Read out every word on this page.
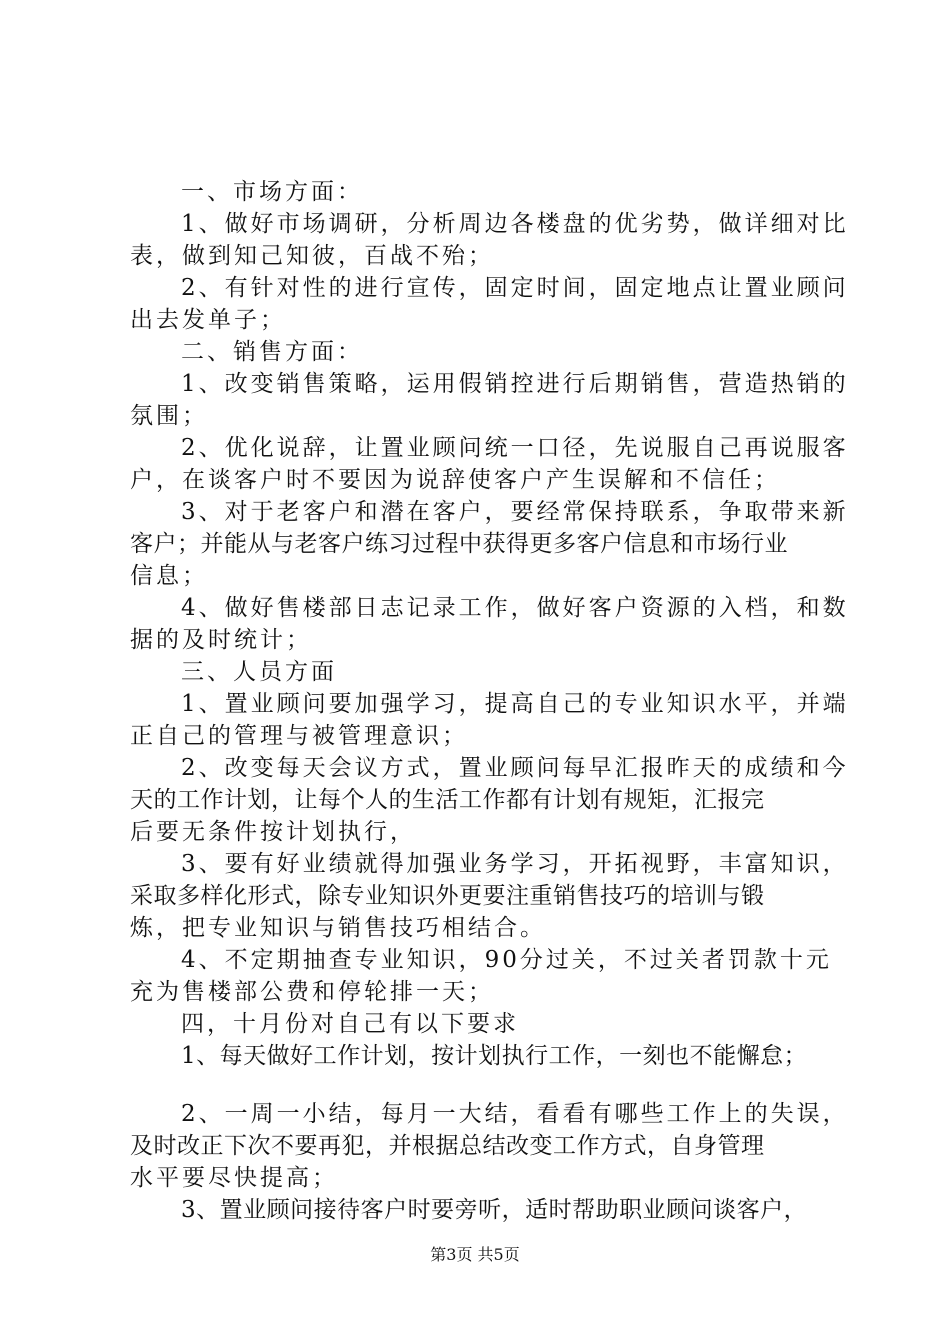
一、市场方面：
1、做好市场调研，分析周边各楼盘的优劣势，做详细对比
表，做到知己知彼，百战不殆；
2、有针对性的进行宣传，固定时间，固定地点让置业顾问
出去发单子；
二、销售方面：
1、改变销售策略，运用假销控进行后期销售，营造热销的
氛围；
2、优化说辞，让置业顾问统一口径，先说服自己再说服客
户，在谈客户时不要因为说辞使客户产生误解和不信任；
3、对于老客户和潜在客户，要经常保持联系，争取带来新
客户；并能从与老客户练习过程中获得更多客户信息和市场行业
信息；
4、做好售楼部日志记录工作，做好客户资源的入档，和数
据的及时统计；
三、人员方面
1、置业顾问要加强学习，提高自己的专业知识水平，并端
正自己的管理与被管理意识；
2、改变每天会议方式，置业顾问每早汇报昨天的成绩和今
天的工作计划，让每个人的生活工作都有计划有规矩，汇报完
后要无条件按计划执行，
3、要有好业绩就得加强业务学习，开拓视野，丰富知识，
采取多样化形式，除专业知识外更要注重销售技巧的培训与锻
炼，把专业知识与销售技巧相结合。
4、不定期抽查专业知识，90分过关，不过关者罚款十元
充为售楼部公费和停轮排一天；
四，十月份对自己有以下要求
1、每天做好工作计划，按计划执行工作，一刻也不能懈怠；
2、一周一小结，每月一大结，看看有哪些工作上的失误，
及时改正下次不要再犯，并根据总结改变工作方式，自身管理
水平要尽快提高；
3、置业顾问接待客户时要旁听，适时帮助职业顾问谈客户，
第3页 共5页
